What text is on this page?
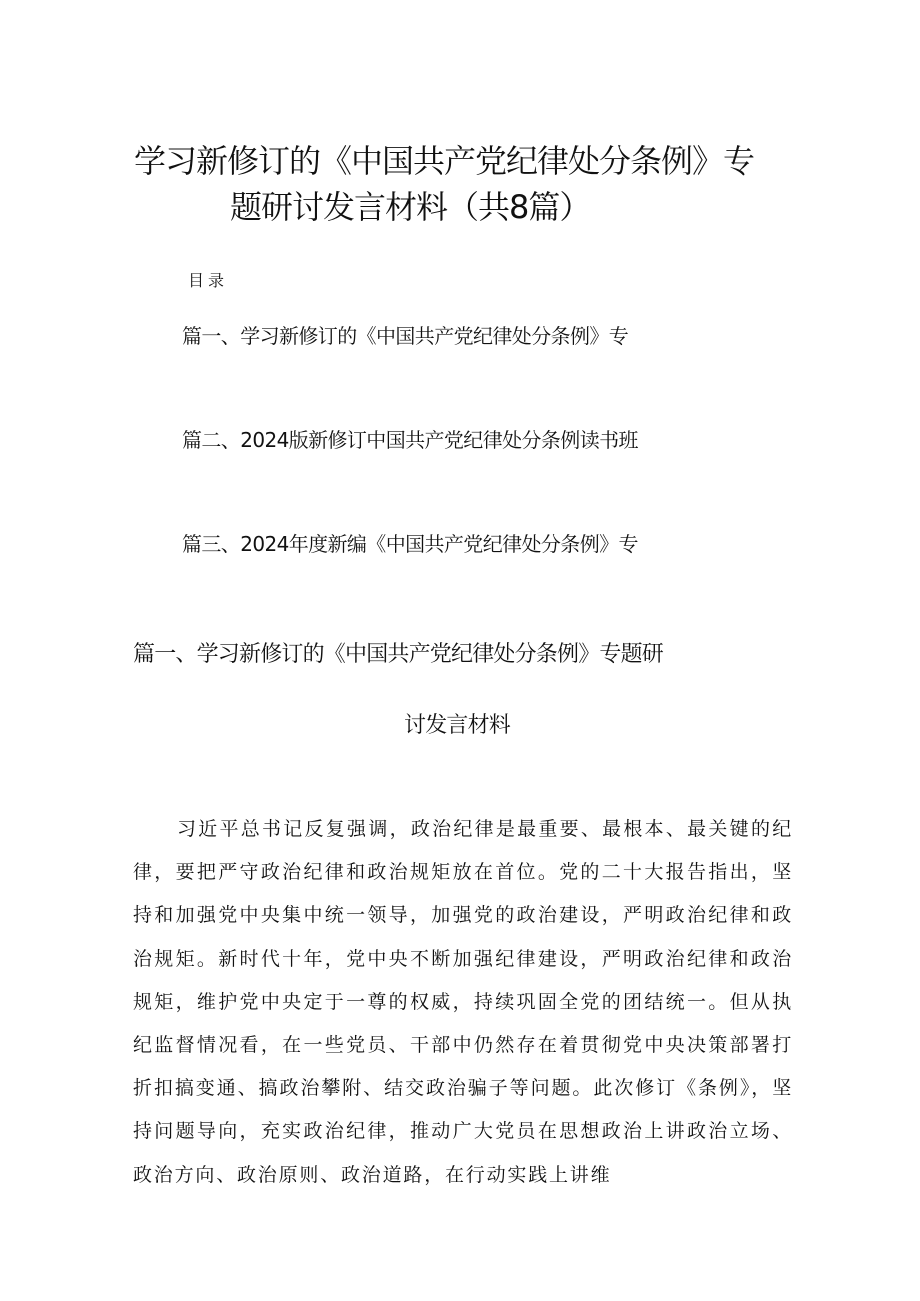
学习新修订的《中国共产党纪律处分条例》专
题研讨发言材料（共8篇）
目录
篇一、学习新修订的《中国共产党纪律处分条例》专
篇二、2024版新修订中国共产党纪律处分条例读书班
篇三、2024年度新编《中国共产党纪律处分条例》专
篇一、学习新修订的《中国共产党纪律处分条例》专题研
讨发言材料

习近平总书记反复强调，政治纪律是最重要、最根本、最关键的纪律，要把严守政治纪律和政治规矩放在首位。党的二十大报告指出，坚持和加强党中央集中统一领导，加强党的政治建设，严明政治纪律和政治规矩。新时代十年，党中央不断加强纪律建设，严明政治纪律和政治规矩，维护党中央定于一尊的权威，持续巩固全党的团结统一。但从执纪监督情况看，在一些党员、干部中仍然存在着贯彻党中央决策部署打折扣搞变通、搞政治攀附、结交政治骗子等问题。此次修订《条例》，坚持问题导向，充实政治纪律，推动广大党员在思想政治上讲政治立场、政治方向、政治原则、政治道路，在行动实践上讲维
